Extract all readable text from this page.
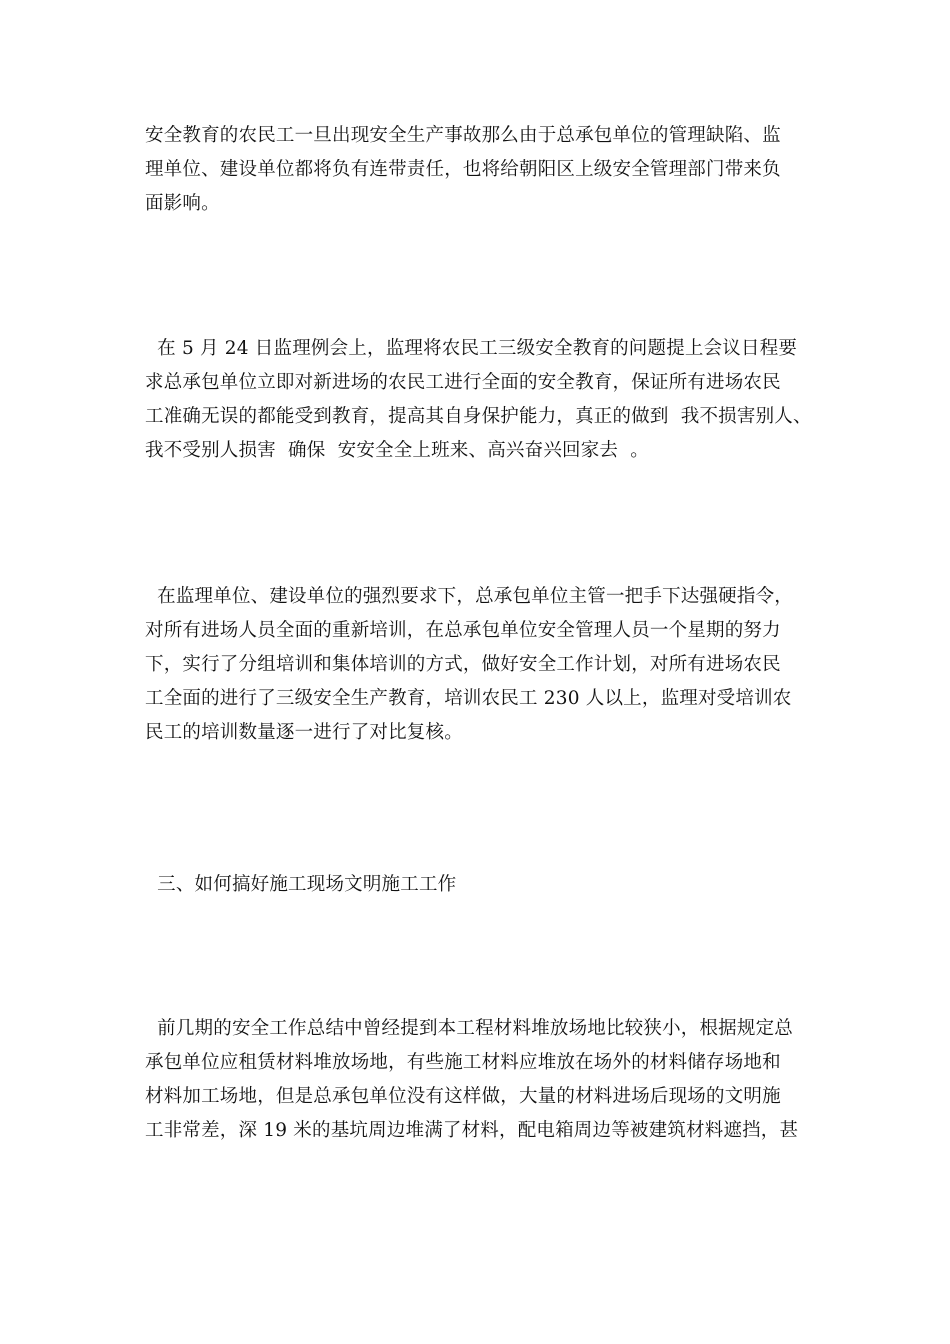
安全教育的农民工一旦出现安全生产事故那么由于总承包单位的管理缺陷、监
理单位、建设单位都将负有连带责任，也将给朝阳区上级安全管理部门带来负
面影响。
在 5 月 24 日监理例会上，监理将农民工三级安全教育的问题提上会议日程要
求总承包单位立即对新进场的农民工进行全面的安全教育，保证所有进场农民
工准确无误的都能受到教育，提高其自身保护能力，真正的做到  我不损害别人、
我不受别人损害  确保  安安全全上班来、高兴奋兴回家去  。
在监理单位、建设单位的强烈要求下，总承包单位主管一把手下达强硬指令，
对所有进场人员全面的重新培训，在总承包单位安全管理人员一个星期的努力
下，实行了分组培训和集体培训的方式，做好安全工作计划，对所有进场农民
工全面的进行了三级安全生产教育，培训农民工 230 人以上，监理对受培训农
民工的培训数量逐一进行了对比复核。
三、如何搞好施工现场文明施工工作
前几期的安全工作总结中曾经提到本工程材料堆放场地比较狭小，根据规定总
承包单位应租赁材料堆放场地，有些施工材料应堆放在场外的材料储存场地和
材料加工场地，但是总承包单位没有这样做，大量的材料进场后现场的文明施
工非常差，深 19 米的基坑周边堆满了材料，配电箱周边等被建筑材料遮挡，甚
